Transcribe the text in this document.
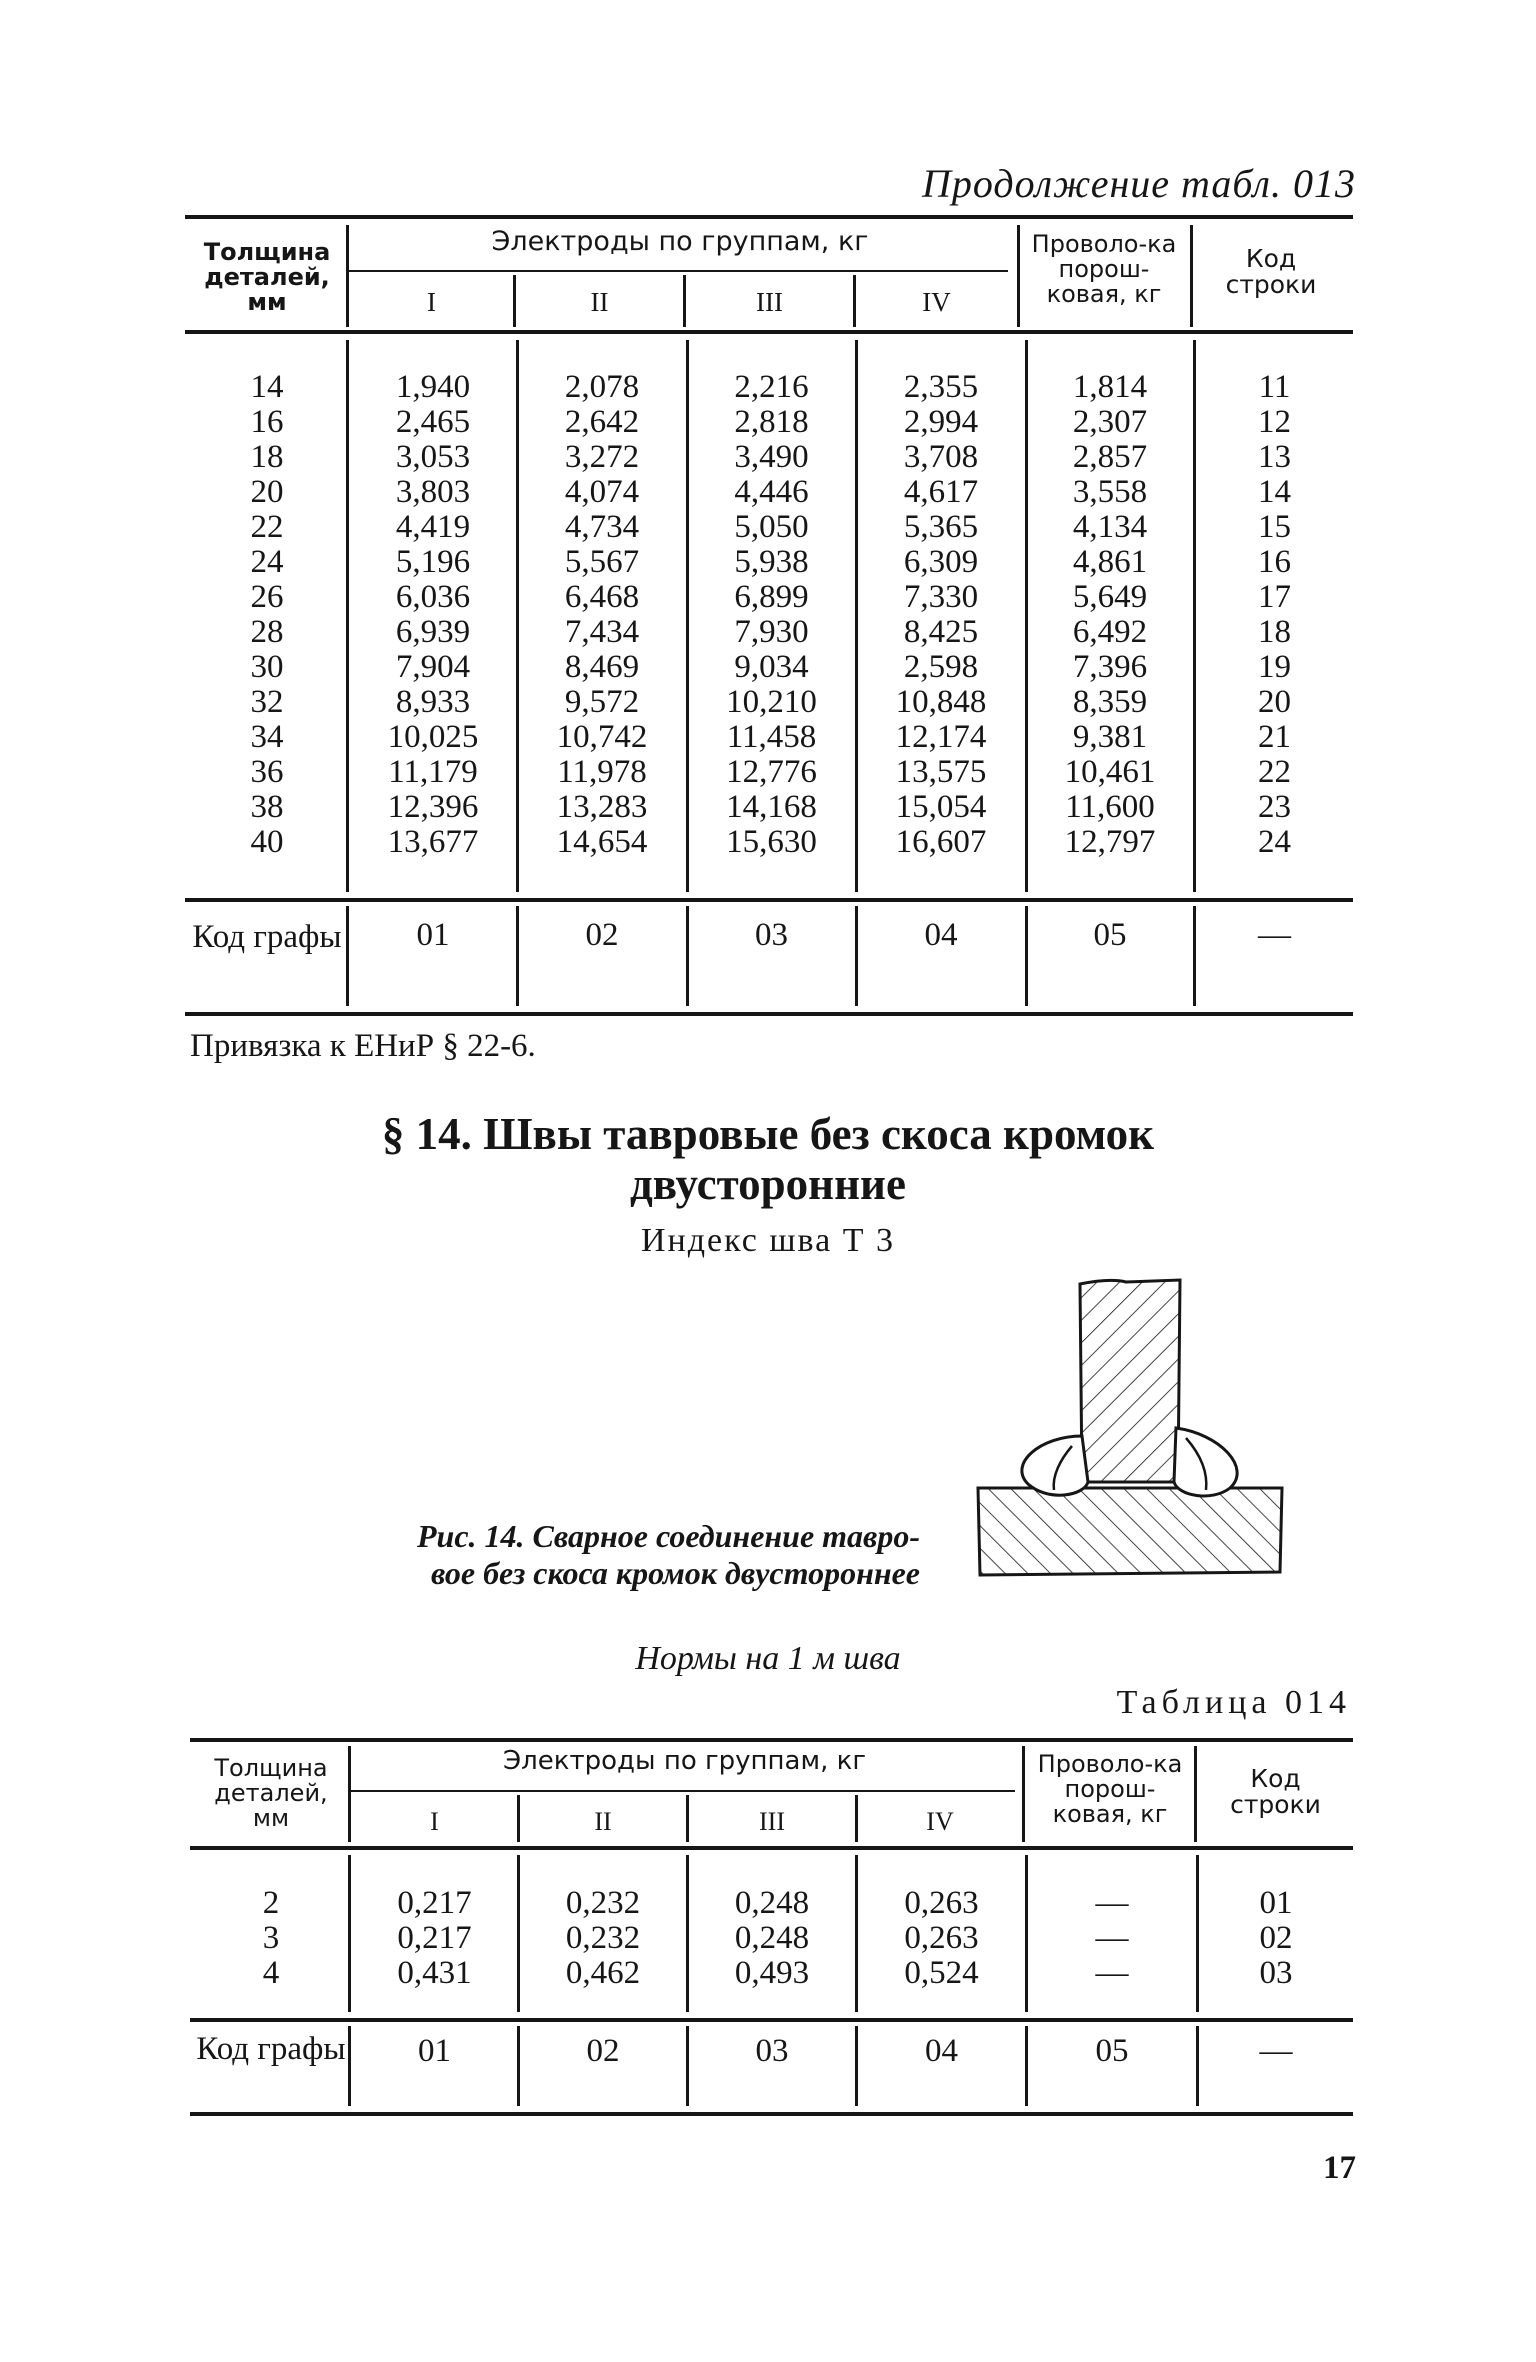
Продолжение табл. 013
Толщина деталей, мм
Электроды по группам, кг
I	II	III	IV
Проволо-ка порош-ковая, кг
Код строки
14	1,940	2,078	2,216	2,355	1,814	11
16	2,465	2,642	2,818	2,994	2,307	12
18	3,053	3,272	3,490	3,708	2,857	13
20	3,803	4,074	4,446	4,617	3,558	14
22	4,419	4,734	5,050	5,365	4,134	15
24	5,196	5,567	5,938	6,309	4,861	16
26	6,036	6,468	6,899	7,330	5,649	17
28	6,939	7,434	7,930	8,425	6,492	18
30	7,904	8,469	9,034	2,598	7,396	19
32	8,933	9,572	10,210	10,848	8,359	20
34	10,025	10,742	11,458	12,174	9,381	21
36	11,179	11,978	12,776	13,575	10,461	22
38	12,396	13,283	14,168	15,054	11,600	23
40	13,677	14,654	15,630	16,607	12,797	24
Код графы	01	02	03	04	05	—
Привязка к ЕНиР § 22-6.
§ 14. Швы тавровые без скоса кромок
двусторонние
Индекс шва Т 3
Рис. 14. Сварное соединение тавро-
вое без скоса кромок двустороннее
Нормы на 1 м шва
Таблица 014
Толщина деталей, мм
Электроды по группам, кг
I	II	III	IV
Проволо-ка порош-ковая, кг
Код строки
2	0,217	0,232	0,248	0,263	—	01
3	0,217	0,232	0,248	0,263	—	02
4	0,431	0,462	0,493	0,524	—	03
Код графы	01	02	03	04	05	—
17
